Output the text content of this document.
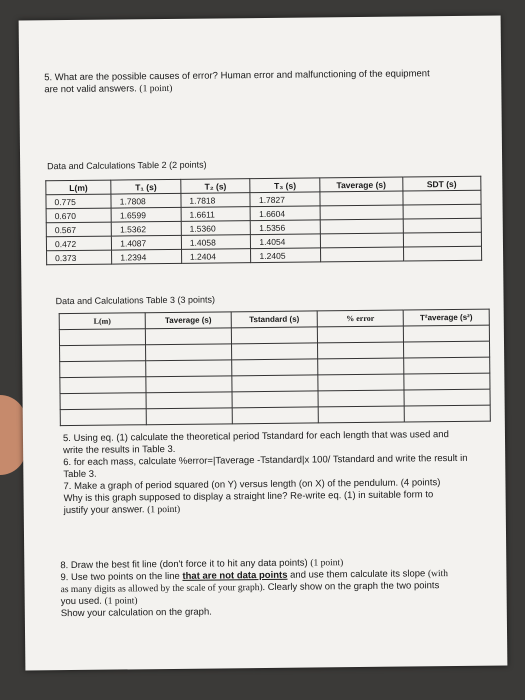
5. What are the possible causes of error? Human error and malfunctioning of the equipment
are not valid answers. (1 point)
Data and Calculations Table 2 (2 points)
L(m)	T₁ (s)	T₂ (s)	T₃ (s)	Taverage (s)	SDT (s)
0.775	1.7808	1.7818	1.7827		
0.670	1.6599	1.6611	1.6604		
0.567	1.5362	1.5360	1.5356		
0.472	1.4087	1.4058	1.4054		
0.373	1.2394	1.2404	1.2405		
Data and Calculations Table 3 (3 points)
L(m)	Taverage (s)	Tstandard (s)	% error	T²average (s²)

5. Using eq. (1) calculate the theoretical period Tstandard for each length that was used and
write the results in Table 3.
6. for each mass, calculate %error=|Taverage -Tstandard|x 100/ Tstandard and write the result in
Table 3.
7. Make a graph of period squared (on Y) versus length (on X) of the pendulum. (4 points)
Why is this graph supposed to display a straight line? Re-write eq. (1) in suitable form to
justify your answer. (1 point)
8. Draw the best fit line (don't force it to hit any data points) (1 point)
9. Use two points on the line that are not data points and use them calculate its slope (with
as many digits as allowed by the scale of your graph). Clearly show on the graph the two points
you used. (1 point)
Show your calculation on the graph.
